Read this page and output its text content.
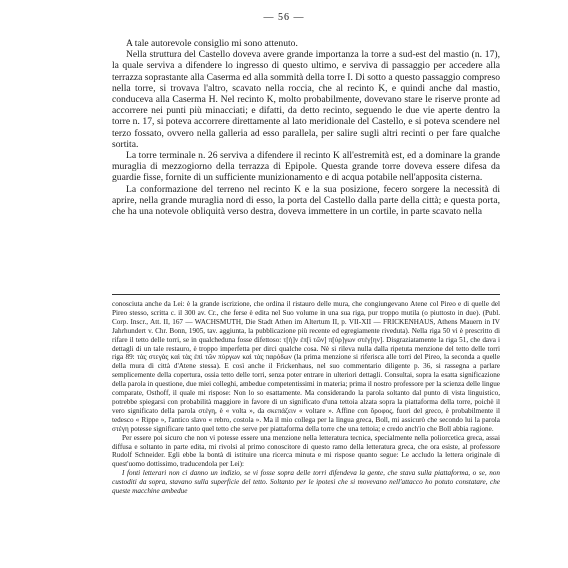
— 56 —

A tale autorevole consiglio mi sono attenuto.

Nella struttura del Castello doveva avere grande importanza la torre a sud-est del mastio (n. 17), la quale serviva a difendere lo ingresso di questo ultimo, e serviva di passaggio per accedere alla terrazza soprastante alla Caserma ed alla sommità della torre I. Di sotto a questo passaggio compreso nella torre, si trovava l'altro, scavato nella roccia, che al recinto K, e quindi anche dal mastio, conduceva alla Caserma H. Nel recinto K, molto probabilmente, dovevano stare le riserve pronte ad accorrere nei punti più minacciati; e difatti, da detto recinto, seguendo le due vie aperte dentro la torre n. 17, si poteva accorrere direttamente al lato meridionale del Castello, e si poteva scendere nel terzo fossato, ovvero nella galleria ad esso parallela, per salire sugli altri recinti o per fare qualche sortita.

La torre terminale n. 26 serviva a difendere il recinto K all'estremità est, ed a dominare la grande muraglia di mezzogiorno della terrazza di Epipole. Questa grande torre doveva essere difesa da guardie fisse, fornite di un sufficiente munizionamento e di acqua potabile nell'apposita cisterna.

La conformazione del terreno nel recinto K e la sua posizione, fecero sorgere la necessità di aprire, nella grande muraglia nord di esso, la porta del Castello dalla parte della città; e questa porta, che ha una notevole obliquità verso destra, doveva immettere in un cortile, in parte scavato nella

conosciuta anche da Lei: è la grande iscrizione, che ordina il ristauro delle mura, che congiungevano Atene col Pireo e di quelle del Pireo stesso, scritta c. il 300 av. Cr., che ferse è edita nel Suo volume in una sua riga, pur troppo mutila (o piuttosto in due). (Publ. Corp. Inscr., Att. II, 167 — WACHSMUTH, Die Stadt Athen im Altertum II, p. VII-XII — FRICKENHAUS, Athens Mauern in IV Jahrhundert v. Chr. Bonn, 1905, tav. aggiunta, la pubblicazione più recente ed egregiamente riveduta). Nella riga 50 vi è prescritto di rifare il tetto delle torri, se in qualcheduna fosse difettoso: τ[ὴ]ν ἐπ[ὶ τῶν] π[ύρ]γων στέγ[ην]. Disgraziatamente la riga 51, che dava i dettagli di un tale restauro, è troppo imperfetta per dirci qualche cosa. Nè si rileva nulla dalla ripetuta menzione del tetto delle torri riga 89: τὰς στεγὰς καὶ τὰς ἐπὶ τῶν πύργων καὶ τὰς παρόδων (la prima menzione si riferisca alle torri del Pireo, la seconda a quelle della mura di città d'Atene stessa). E così anche il Frickenhaus, nel suo commentario diligente p. 36, si rassegna a parlare semplicemente della copertura, ossia tetto delle torri, senza poter entrare in ulteriori dettagli. Consultai, sopra la esatta significazione della parola in questione, due miei colleghi, ambedue competentissimi in materia; prima il nostro professore per la scienza delle lingue comparate, Osthoff, il quale mi rispose: Non lo so esattamente. Ma considerando la parola soltanto dal punto di vista linguistico, potrebbe spiegarsi con probabilità maggiore in favore di un significato d'una tettoia alzata sopra la piattaforma della torre, poichè il vero significato della parola στέγη, è « volta », da σκεπάζειν « voltare ». Affine con ὄροφος, fuori del greco, è probabilmente il tedesco « Rippe », l'antico slavo « rebro, costola ». Ma il mio collega per la lingua greca, Boll, mi assicurò che secondo lui la parola στέγη potesse significare tanto quel tetto che serve per piattaforma della torre che una tettoia; e credo anch'io che Boll abbia ragione.

Per essere poi sicuro che non vi potesse essere una menzione nella letteratura tecnica, specialmente nella poliorcetica greca, assai diffusa e soltanto in parte edita, mi rivolsi al primo conoscitore di questo ramo della letteratura greca, che ora esiste, al professore Rudolf Schneider. Egli ebbe la bontà di istituire una ricerca minuta e mi rispose quanto segue: Le accludo la lettera originale di quest'uomo dottissimo, traducendola per Lei):

I fonti letterari non ci danno un indizio, se vi fosse sopra delle torri difendeva la gente, che stava sulla piattaforma, o se, non custoditi da sopra, stavano sulla superficie del tetto. Soltanto per le ipotesi che si movevano nell'attacco ho potuto constatare, che queste macchine ambedue
